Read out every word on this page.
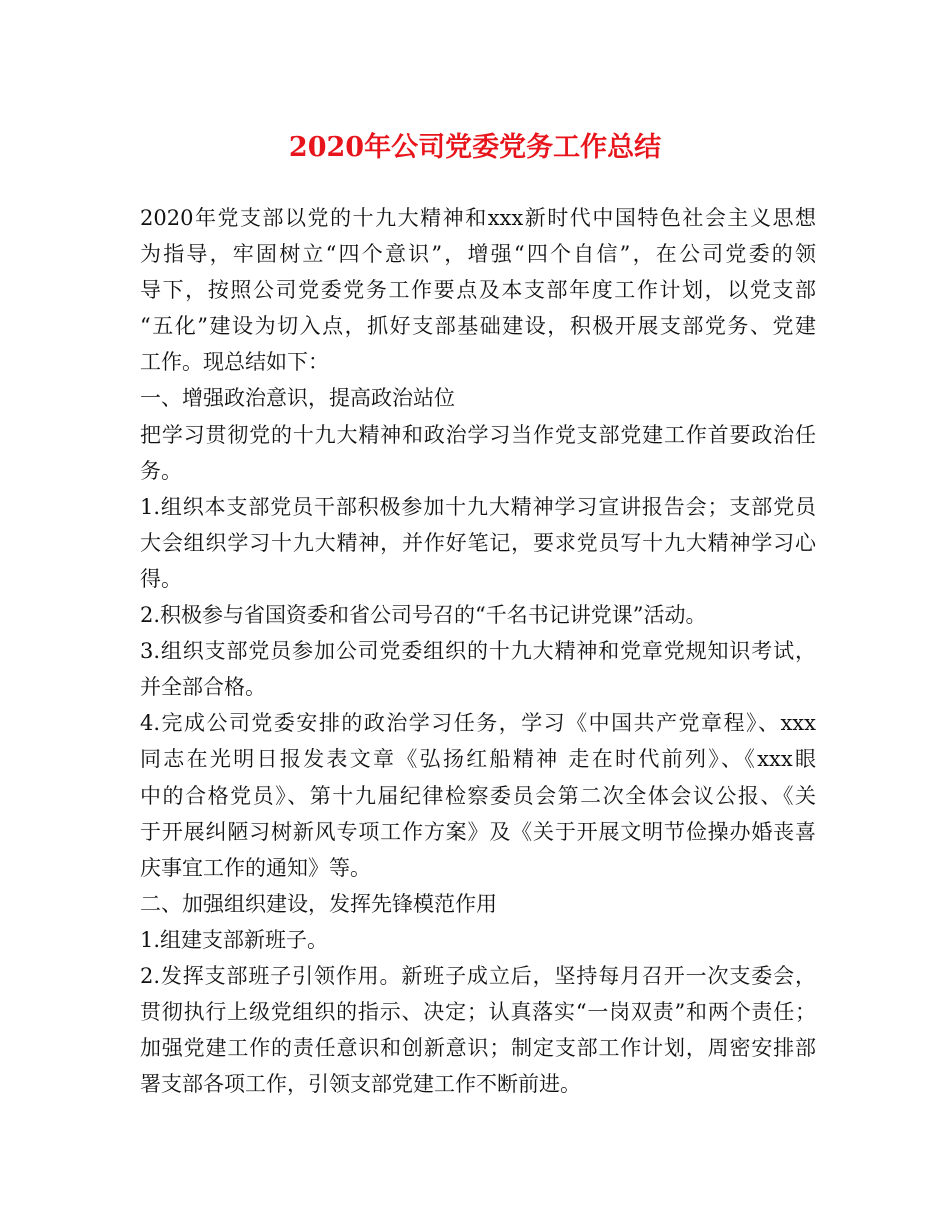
2020年公司党委党务工作总结
2020年党支部以党的十九大精神和xxx新时代中国特色社会主义思想
为指导，牢固树立“四个意识”，增强“四个自信”，在公司党委的领
导下，按照公司党委党务工作要点及本支部年度工作计划，以党支部
“五化”建设为切入点，抓好支部基础建设，积极开展支部党务、党建
工作。现总结如下：
一、增强政治意识，提高政治站位
把学习贯彻党的十九大精神和政治学习当作党支部党建工作首要政治任
务。
1.组织本支部党员干部积极参加十九大精神学习宣讲报告会；支部党员
大会组织学习十九大精神，并作好笔记，要求党员写十九大精神学习心
得。
2.积极参与省国资委和省公司号召的“千名书记讲党课”活动。
3.组织支部党员参加公司党委组织的十九大精神和党章党规知识考试，
并全部合格。
4.完成公司党委安排的政治学习任务，学习《中国共产党章程》、xxx
同志在光明日报发表文章《弘扬红船精神 走在时代前列》、《xxx眼
中的合格党员》、第十九届纪律检察委员会第二次全体会议公报、《关
于开展纠陋习树新风专项工作方案》及《关于开展文明节俭操办婚丧喜
庆事宜工作的通知》等。
二、加强组织建设，发挥先锋模范作用
1.组建支部新班子。
2.发挥支部班子引领作用。新班子成立后，坚持每月召开一次支委会，
贯彻执行上级党组织的指示、决定；认真落实“一岗双责”和两个责任；
加强党建工作的责任意识和创新意识；制定支部工作计划，周密安排部
署支部各项工作，引领支部党建工作不断前进。
